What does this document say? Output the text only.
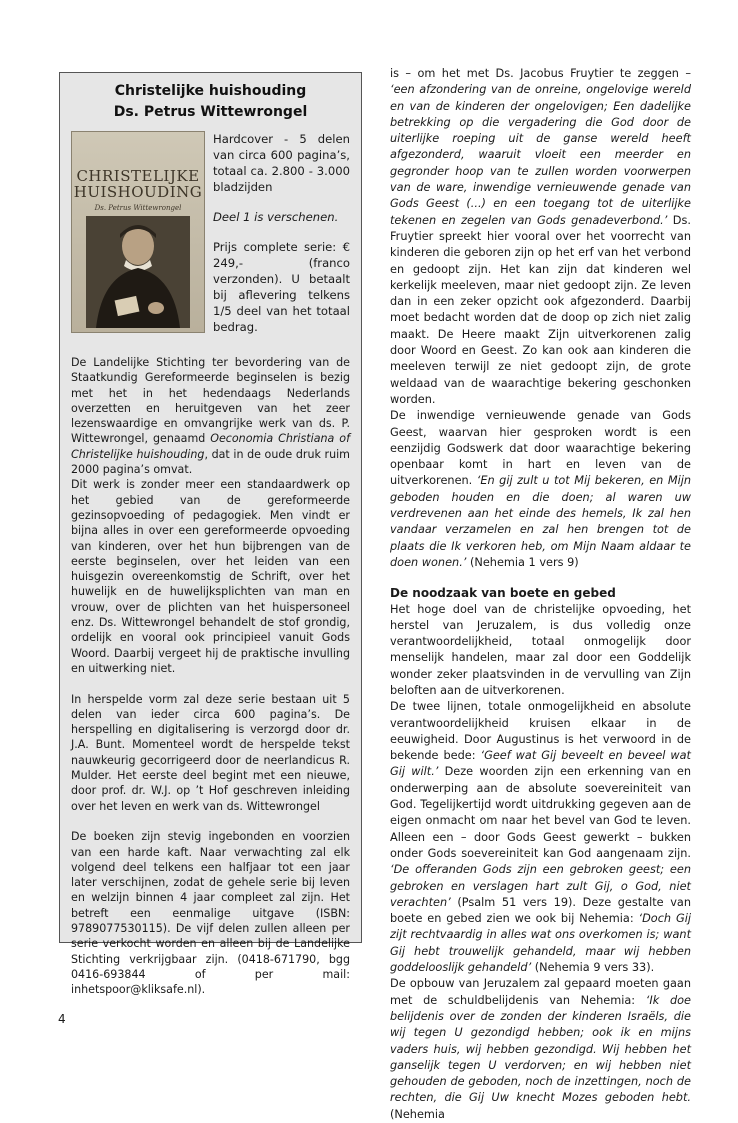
Christelijke huishouding
Ds. Petrus Wittewrongel
CHRISTELIJKE
HUISHOUDING
Ds. Petrus Wittewrongel

Hardcover - 5 delen van circa 600 pagina’s, totaal ca. 2.800 - 3.000 bladzijden

Deel 1 is verschenen.

Prijs complete serie: € 249,- (franco verzonden). U betaalt bij aflevering telkens 1/5 deel van het totaal bedrag.

De Landelijke Stichting ter bevordering van de Staatkundig Gereformeerde beginselen is bezig met het in het hedendaags Nederlands overzetten en heruitgeven van het zeer lezenswaardige en omvangrijke werk van ds. P. Wittewrongel, genaamd Oeconomia Christiana of Christelijke huishouding, dat in de oude druk ruim 2000 pagina’s omvat.

Dit werk is zonder meer een standaardwerk op het gebied van de gereformeerde gezinsopvoeding of pedagogiek. Men vindt er bijna alles in over een gereformeerde opvoeding van kinderen, over het hun bijbrengen van de eerste beginselen, over het leiden van een huisgezin overeenkomstig de Schrift, over het huwelijk en de huwelijksplichten van man en vrouw, over de plichten van het huispersoneel enz. Ds. Wittewrongel behandelt de stof grondig, ordelijk en vooral ook principieel vanuit Gods Woord. Daarbij vergeet hij de praktische invulling en uitwerking niet.

In herspelde vorm zal deze serie bestaan uit 5 delen van ieder circa 600 pagina’s. De herspelling en digitalisering is verzorgd door dr. J.A. Bunt. Momenteel wordt de herspelde tekst nauwkeurig gecorrigeerd door de neerlandicus R. Mulder. Het eerste deel begint met een nieuwe, door prof. dr. W.J. op ’t Hof geschreven inleiding over het leven en werk van ds. Wittewrongel

De boeken zijn stevig ingebonden en voorzien van een harde kaft. Naar verwachting zal elk volgend deel telkens een halfjaar tot een jaar later verschijnen, zodat de gehele serie bij leven en welzijn binnen 4 jaar compleet zal zijn. Het betreft een eenmalige uitgave (ISBN: 9789077530115). De vijf delen zullen alleen per serie verkocht worden en alleen bij de Landelijke Stichting verkrijgbaar zijn. (0418-671790, bgg 0416-693844 of per mail: inhetspoor@kliksafe.nl).

is – om het met Ds. Jacobus Fruytier te zeggen – ‘een afzondering van de onreine, ongelovige wereld en van de kinderen der ongelovigen; Een dadelijke betrekking op die vergadering die God door de uiterlijke roeping uit de ganse wereld heeft afgezonderd, waaruit vloeit een meerder en gegronder hoop van te zullen worden voorwerpen van de ware, inwendige vernieuwende genade van Gods Geest (...) en een toegang tot de uiterlijke tekenen en zegelen van Gods genadeverbond.’ Ds. Fruytier spreekt hier vooral over het voorrecht van kinderen die geboren zijn op het erf van het verbond en gedoopt zijn. Het kan zijn dat kinderen wel kerkelijk meeleven, maar niet gedoopt zijn. Ze leven dan in een zeker opzicht ook afgezonderd. Daarbij moet bedacht worden dat de doop op zich niet zalig maakt. De Heere maakt Zijn uitverkorenen zalig door Woord en Geest. Zo kan ook aan kinderen die meeleven terwijl ze niet gedoopt zijn, de grote weldaad van de waarachtige bekering geschonken worden.

De inwendige vernieuwende genade van Gods Geest, waarvan hier gesproken wordt is een eenzijdig Godswerk dat door waarachtige bekering openbaar komt in hart en leven van de uitverkorenen. ‘En gij zult u tot Mij bekeren, en Mijn geboden houden en die doen; al waren uw verdrevenen aan het einde des hemels, Ik zal hen vandaar verzamelen en zal hen brengen tot de plaats die Ik verkoren heb, om Mijn Naam aldaar te doen wonen.’ (Nehemia 1 vers 9)

De noodzaak van boete en gebed

Het hoge doel van de christelijke opvoeding, het herstel van Jeruzalem, is dus volledig onze verantwoordelijkheid, totaal onmogelijk door menselijk handelen, maar zal door een Goddelijk wonder zeker plaatsvinden in de vervulling van Zijn beloften aan de uitverkorenen.

De twee lijnen, totale onmogelijkheid en absolute verantwoordelijkheid kruisen elkaar in de eeuwigheid. Door Augustinus is het verwoord in de bekende bede: ‘Geef wat Gij beveelt en beveel wat Gij wilt.’ Deze woorden zijn een erkenning van en onderwerping aan de absolute soevereiniteit van God. Tegelijkertijd wordt uitdrukking gegeven aan de eigen onmacht om naar het bevel van God te leven. Alleen een – door Gods Geest gewerkt – bukken onder Gods soevereiniteit kan God aangenaam zijn. ‘De offeranden Gods zijn een gebroken geest; een gebroken en verslagen hart zult Gij, o God, niet verachten’ (Psalm 51 vers 19). Deze gestalte van boete en gebed zien we ook bij Nehemia: ‘Doch Gij zijt rechtvaardig in alles wat ons overkomen is; want Gij hebt trouwelijk gehandeld, maar wij hebben goddelooslijk gehandeld’ (Nehemia 9 vers 33).

De opbouw van Jeruzalem zal gepaard moeten gaan met de schuldbelijdenis van Nehemia: ‘Ik doe belijdenis over de zonden der kinderen Israëls, die wij tegen U gezondigd hebben; ook ik en mijns vaders huis, wij hebben gezondigd. Wij hebben het ganselijk tegen U verdorven; en wij hebben niet gehouden de geboden, noch de inzettingen, noch de rechten, die Gij Uw knecht Mozes geboden hebt. (Nehemia

4
